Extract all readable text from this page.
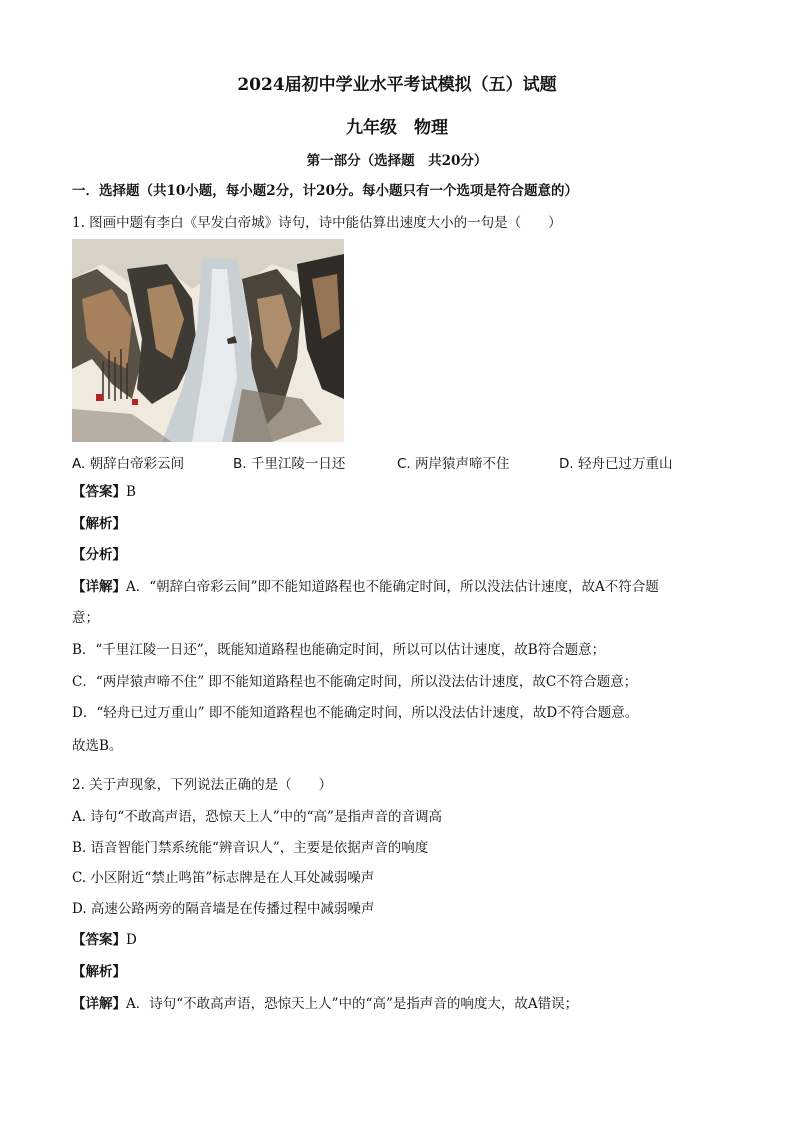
2024届初中学业水平考试模拟（五）试题
九年级　物理
第一部分（选择题　共20分）
一．选择题（共10小题，每小题2分，计20分。每小题只有一个选项是符合题意的）
1. 图画中题有李白《早发白帝城》诗句，诗中能估算出速度大小的一句是（　　）
A. 朝辞白帝彩云间	B. 千里江陵一日还	C. 两岸猿声啼不住	D. 轻舟已过万重山
【答案】B
【解析】
【分析】
【详解】A．“朝辞白帝彩云间”即不能知道路程也不能确定时间，所以没法估计速度，故A不符合题
意；
B．“千里江陵一日还”，既能知道路程也能确定时间，所以可以估计速度，故B符合题意；
C．“两岸猿声啼不住” 即不能知道路程也不能确定时间，所以没法估计速度，故C不符合题意；
D．“轻舟已过万重山” 即不能知道路程也不能确定时间，所以没法估计速度，故D不符合题意。
故选B。
2. 关于声现象，下列说法正确的是（　　）
A. 诗句“不敢高声语，恐惊天上人”中的“高”是指声音的音调高
B. 语音智能门禁系统能“辨音识人”，主要是依据声音的响度
C. 小区附近“禁止鸣笛”标志牌是在人耳处减弱噪声
D. 高速公路两旁的隔音墙是在传播过程中减弱噪声
【答案】D
【解析】
【详解】A．诗句“不敢高声语，恐惊天上人”中的“高”是指声音的响度大，故A错误；
